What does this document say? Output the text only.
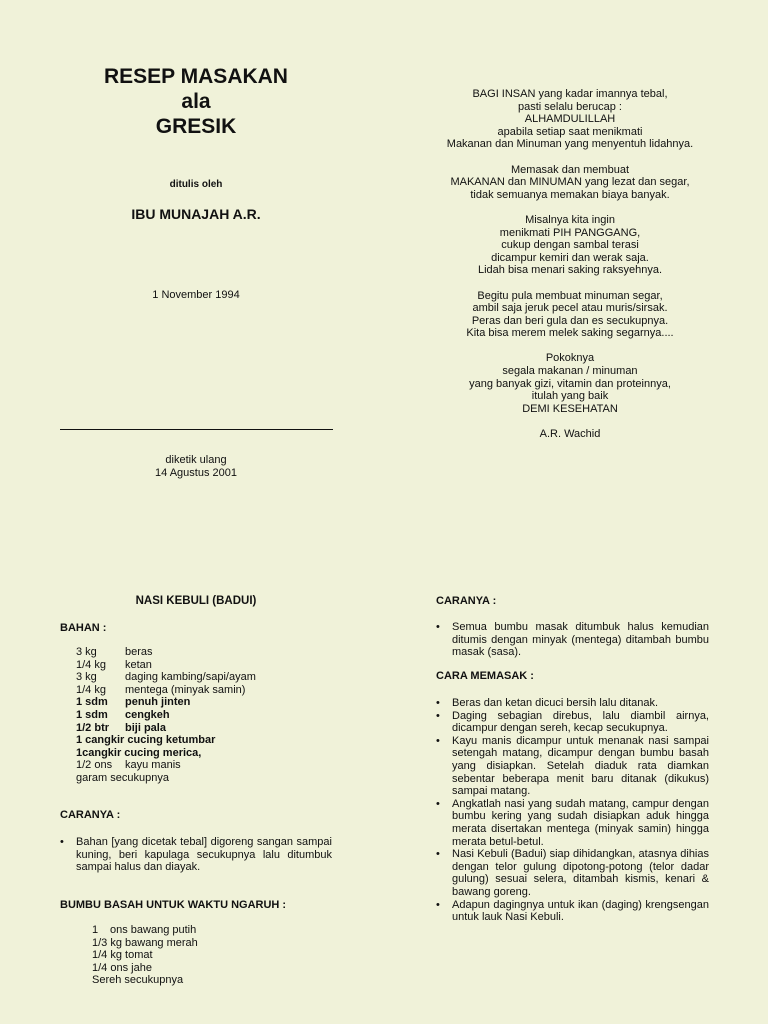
RESEP MASAKAN
ala
GRESIK
ditulis oleh
IBU MUNAJAH A.R.
1 November 1994
diketik ulang
14 Agustus 2001

BAGI INSAN yang kadar imannya tebal,
pasti selalu berucap :
ALHAMDULILLAH
apabila setiap saat menikmati
Makanan dan Minuman yang menyentuh lidahnya.

Memasak dan membuat
MAKANAN dan MINUMAN yang lezat dan segar,
tidak semuanya memakan biaya banyak.

Misalnya kita ingin
menikmati PIH PANGGANG,
cukup dengan sambal terasi
dicampur kemiri dan werak saja.
Lidah bisa menari saking raksyehnya.

Begitu pula membuat minuman segar,
ambil saja jeruk pecel atau muris/sirsak.
Peras dan beri gula dan es secukupnya.
Kita bisa merem melek saking segarnya....

Pokoknya
segala makanan / minuman
yang banyak gizi, vitamin dan proteinnya,
itulah yang baik
DEMI KESEHATAN

A.R. Wachid

NASI KEBULI (BADUI)
BAHAN :
3 kg	beras
1/4 kg	ketan
3 kg	daging kambing/sapi/ayam
1/4 kg	mentega (minyak samin)
1 sdm	penuh jinten
1 sdm	cengkeh
1/2 btr	biji pala
1 cangkir cucing ketumbar
1cangkir cucing merica,
1/2 ons	kayu manis
garam secukupnya
CARANYA :
• Bahan [yang dicetak tebal] digoreng sangan sampai kuning, beri kapulaga secukupnya lalu ditumbuk sampai halus dan diayak.
BUMBU BASAH UNTUK WAKTU NGARUH :
1 ons bawang putih
1/3 kg bawang merah
1/4 kg tomat
1/4 ons jahe
Sereh secukupnya
CARANYA :
• Semua bumbu masak ditumbuk halus kemudian ditumis dengan minyak (mentega) ditambah bumbu masak (sasa).
CARA MEMASAK :
• Beras dan ketan dicuci bersih lalu ditanak.
• Daging sebagian direbus, lalu diambil airnya, dicampur dengan sereh, kecap secukupnya.
• Kayu manis dicampur untuk menanak nasi sampai setengah matang, dicampur dengan bumbu basah yang disiapkan. Setelah diaduk rata diamkan sebentar beberapa menit baru ditanak (dikukus) sampai matang.
• Angkatlah nasi yang sudah matang, campur dengan bumbu kering yang sudah disiapkan aduk hingga merata disertakan mentega (minyak samin) hingga merata betul-betul.
• Nasi Kebuli (Badui) siap dihidangkan, atasnya dihias dengan telor gulung dipotong-potong (telor dadar gulung) sesuai selera, ditambah kismis, kenari & bawang goreng.
• Adapun dagingnya untuk ikan (daging) krengsengan untuk lauk Nasi Kebuli.
